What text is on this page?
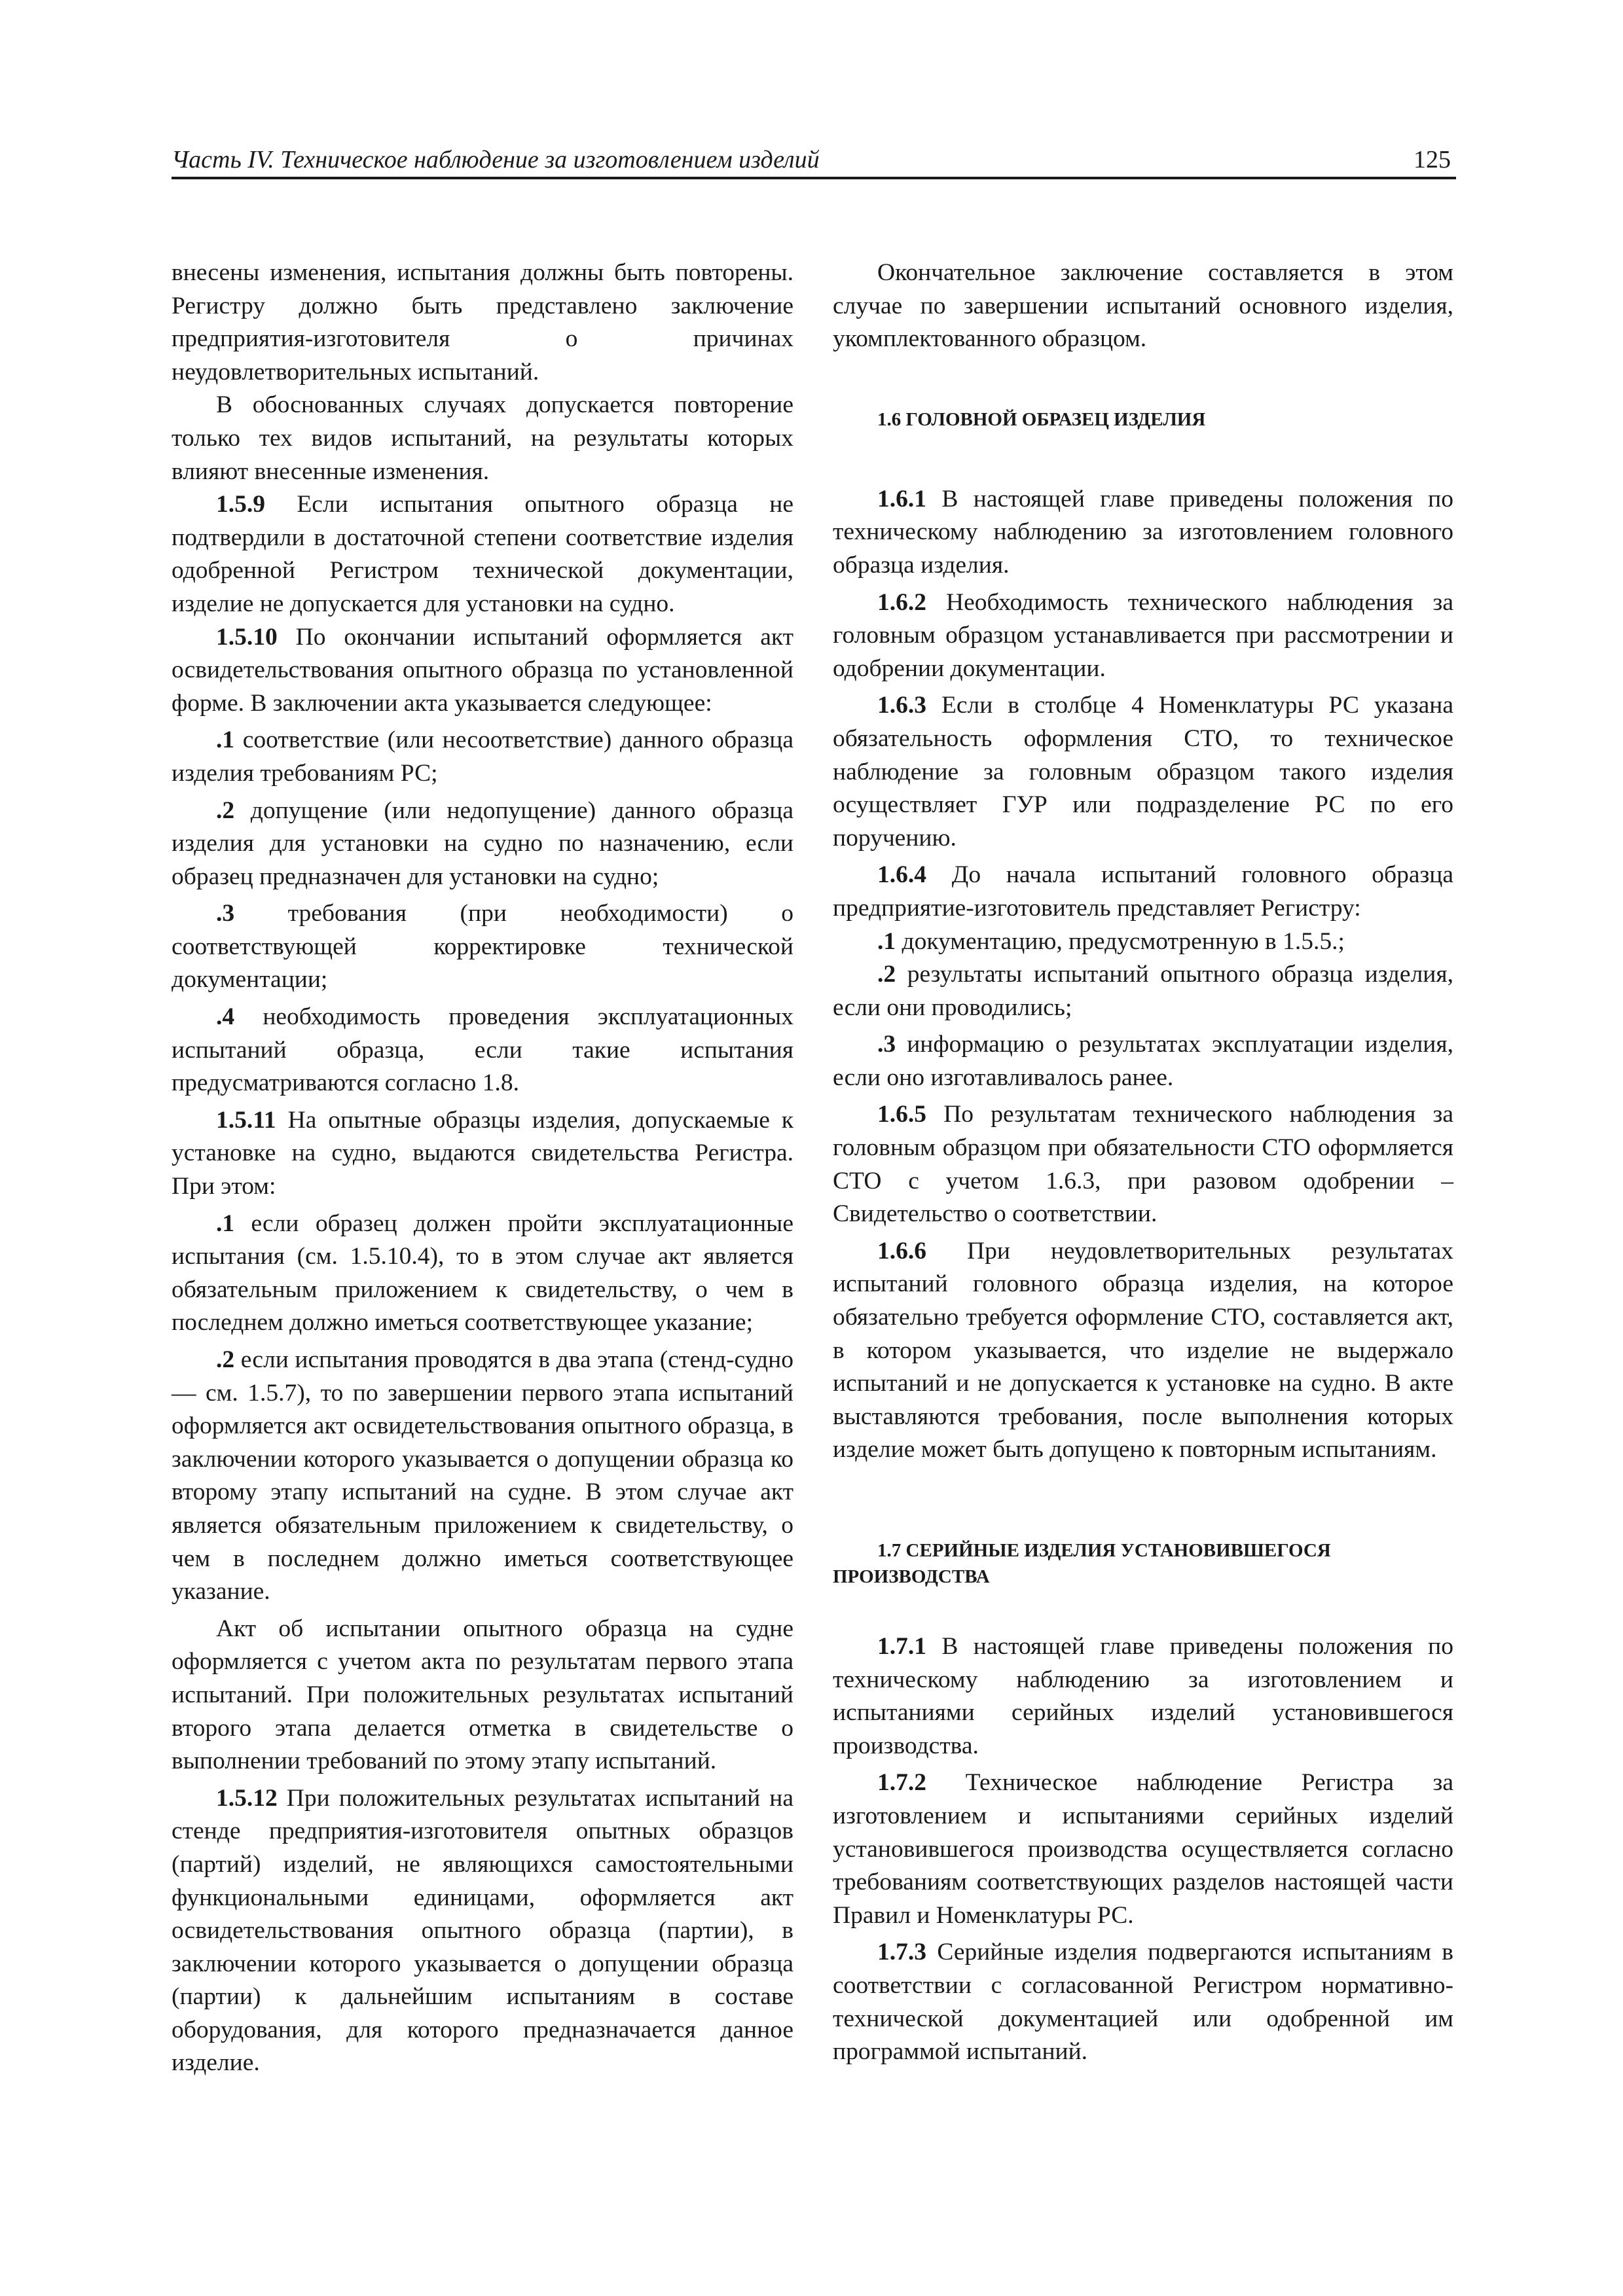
Часть IV. Техническое наблюдение за изготовлением изделий	125

внесены изменения, испытания должны быть повторены. Регистру должно быть представлено заключение предприятия-изготовителя о причинах неудовлетворительных испытаний.

В обоснованных случаях допускается повторение только тех видов испытаний, на результаты которых влияют внесенные изменения.

1.5.9 Если испытания опытного образца не подтвердили в достаточной степени соответствие изделия одобренной Регистром технической документации, изделие не допускается для установки на судно.

1.5.10 По окончании испытаний оформляется акт освидетельствования опытного образца по установленной форме. В заключении акта указывается следующее:

.1 соответствие (или несоответствие) данного образца изделия требованиям РС;

.2 допущение (или недопущение) данного образца изделия для установки на судно по назначению, если образец предназначен для установки на судно;

.3 требования (при необходимости) о соответствующей корректировке технической документации;

.4 необходимость проведения эксплуатационных испытаний образца, если такие испытания предусматриваются согласно 1.8.

1.5.11 На опытные образцы изделия, допускаемые к установке на судно, выдаются свидетельства Регистра. При этом:

.1 если образец должен пройти эксплуатационные испытания (см. 1.5.10.4), то в этом случае акт является обязательным приложением к свидетельству, о чем в последнем должно иметься соответствующее указание;

.2 если испытания проводятся в два этапа (стенд-судно — см. 1.5.7), то по завершении первого этапа испытаний оформляется акт освидетельствования опытного образца, в заключении которого указывается о допущении образца ко второму этапу испытаний на судне. В этом случае акт является обязательным приложением к свидетельству, о чем в последнем должно иметься соответствующее указание.

Акт об испытании опытного образца на судне оформляется с учетом акта по результатам первого этапа испытаний. При положительных результатах испытаний второго этапа делается отметка в свидетельстве о выполнении требований по этому этапу испытаний.

1.5.12 При положительных результатах испытаний на стенде предприятия-изготовителя опытных образцов (партий) изделий, не являющихся самостоятельными функциональными единицами, оформляется акт освидетельствования опытного образца (партии), в заключении которого указывается о допущении образца (партии) к дальнейшим испытаниям в составе оборудования, для которого предназначается данное изделие.

Окончательное заключение составляется в этом случае по завершении испытаний основного изделия, укомплектованного образцом.

1.6 ГОЛОВНОЙ ОБРАЗЕЦ ИЗДЕЛИЯ

1.6.1 В настоящей главе приведены положения по техническому наблюдению за изготовлением головного образца изделия.

1.6.2 Необходимость технического наблюдения за головным образцом устанавливается при рассмотрении и одобрении документации.

1.6.3 Если в столбце 4 Номенклатуры РС указана обязательность оформления СТО, то техническое наблюдение за головным образцом такого изделия осуществляет ГУР или подразделение РС по его поручению.

1.6.4 До начала испытаний головного образца предприятие-изготовитель представляет Регистру:

.1 документацию, предусмотренную в 1.5.5.;

.2 результаты испытаний опытного образца изделия, если они проводились;

.3 информацию о результатах эксплуатации изделия, если оно изготавливалось ранее.

1.6.5 По результатам технического наблюдения за головным образцом при обязательности СТО оформляется СТО с учетом 1.6.3, при разовом одобрении – Свидетельство о соответствии.

1.6.6 При неудовлетворительных результатах испытаний головного образца изделия, на которое обязательно требуется оформление СТО, составляется акт, в котором указывается, что изделие не выдержало испытаний и не допускается к установке на судно. В акте выставляются требования, после выполнения которых изделие может быть допущено к повторным испытаниям.

1.7 СЕРИЙНЫЕ ИЗДЕЛИЯ УСТАНОВИВШЕГОСЯ
ПРОИЗВОДСТВА

1.7.1 В настоящей главе приведены положения по техническому наблюдению за изготовлением и испытаниями серийных изделий установившегося производства.

1.7.2 Техническое наблюдение Регистра за изготовлением и испытаниями серийных изделий установившегося производства осуществляется согласно требованиям соответствующих разделов настоящей части Правил и Номенклатуры РС.

1.7.3 Серийные изделия подвергаются испытаниям в соответствии с согласованной Регистром нормативно-технической документацией или одобренной им программой испытаний.
